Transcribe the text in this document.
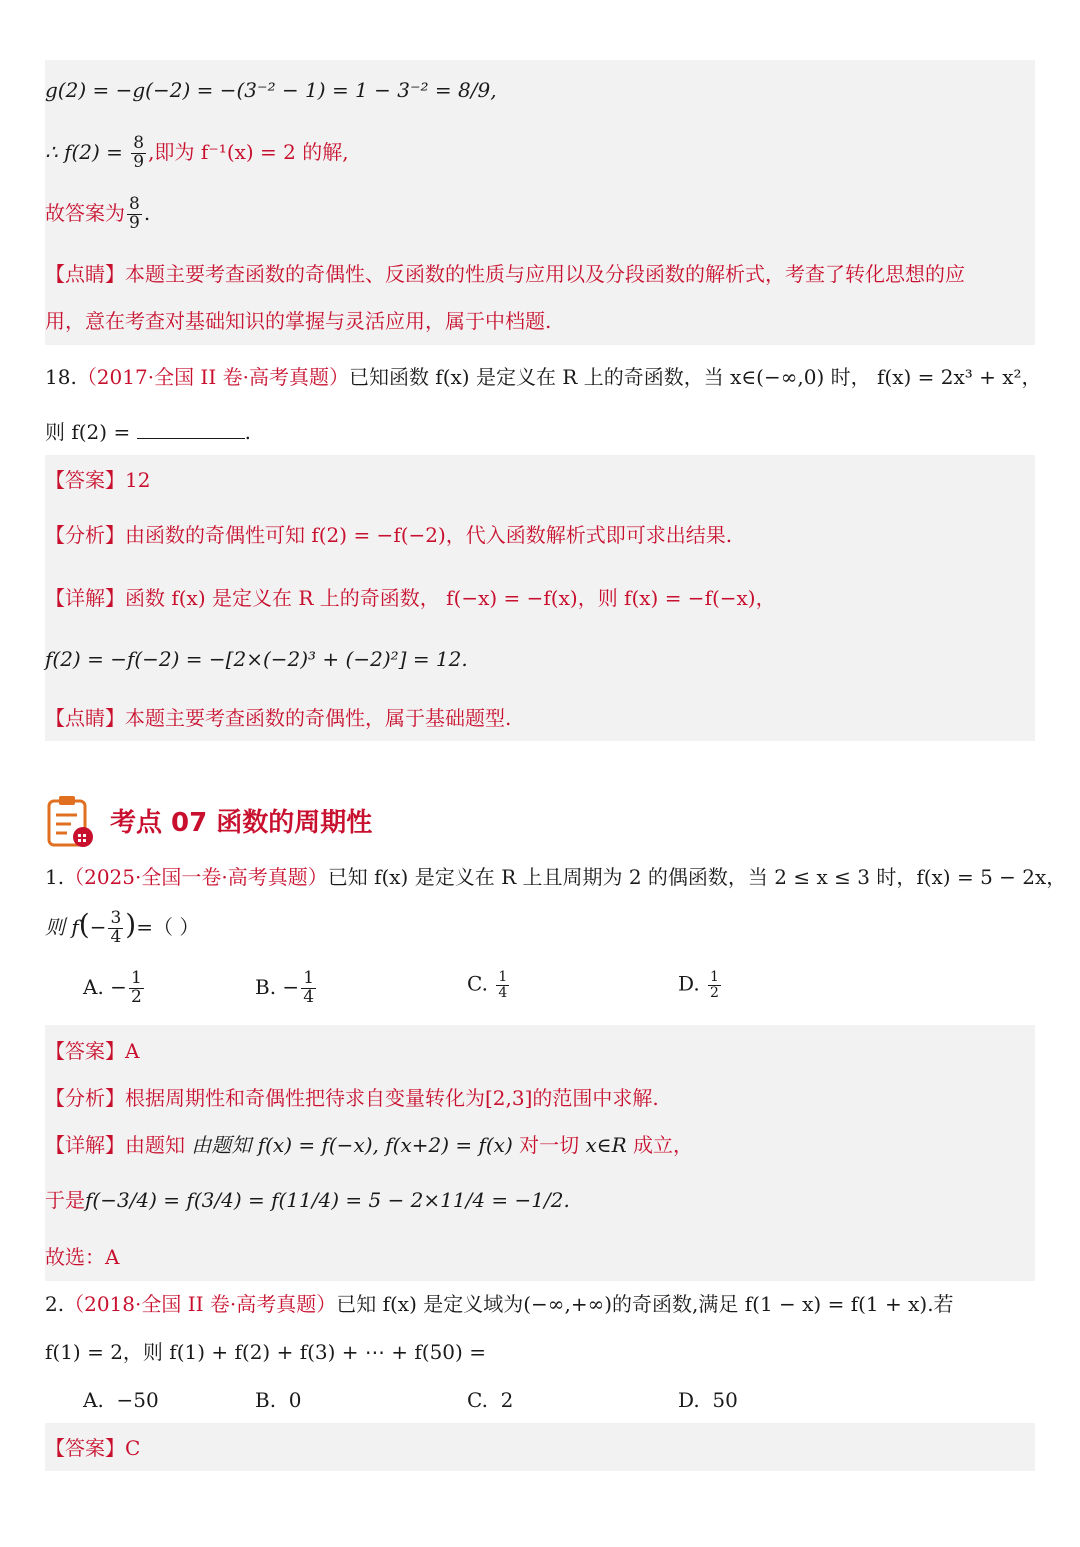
g(2) = −g(−2) = −(3⁻² − 1) = 1 − 3⁻² = 8/9,
∴ $f(2) = \frac{8}{9}$ ,即为 f⁻¹(x) = 2 的解,
故答案为 $\frac{8}{9}$ .
【点睛】本题主要考查函数的奇偶性、反函数的性质与应用以及分段函数的解析式，考查了转化思想的应
用，意在考查对基础知识的掌握与灵活应用，属于中档题.
18.（2017·全国 II 卷·高考真题）已知函数 f(x) 是定义在 R 上的奇函数，当 x∈(−∞,0) 时， f(x) = 2x³ + x²，
则 f(2) =	.
【答案】12
【分析】由函数的奇偶性可知 f(2) = −f(−2)，代入函数解析式即可求出结果.
【详解】函数 f(x) 是定义在 R 上的奇函数， f(−x) = −f(x)，则 f(x) = −f(−x)，
f(2) = −f(−2) = −[2×(−2)³ + (−2)²] = 12.
【点睛】本题主要考查函数的奇偶性，属于基础题型.
考点 07 函数的周期性
1.（2025·全国一卷·高考真题）已知 f(x) 是定义在 R 上且周期为 2 的偶函数，当 2 ≤ x ≤ 3 时，f(x) = 5 − 2x，
则 $f(- \frac{3}{4}$ )=（ ）
A. − $\frac{1}{2}$	B. − $\frac{1}{4}$	C. $\frac{1}{4}$	D. $\frac{1}{2}$
【答案】A
【分析】根据周期性和奇偶性把待求自变量转化为[2,3]的范围中求解.
【详解】由题知 由题知 f(x) = f(−x), f(x+2) = f(x) 对一切 x∈R 成立，
于是f(−3/4) = f(3/4) = f(11/4) = 5 − 2×11/4 = −1/2.
故选：A
2.（2018·全国 II 卷·高考真题）已知 f(x) 是定义域为(−∞,+∞)的奇函数,满足 f(1 − x) = f(1 + x).若
f(1) = 2，则 f(1) + f(2) + f(3) + ⋯ + f(50) =
A. −50	B. 0	C. 2	D. 50
【答案】C
